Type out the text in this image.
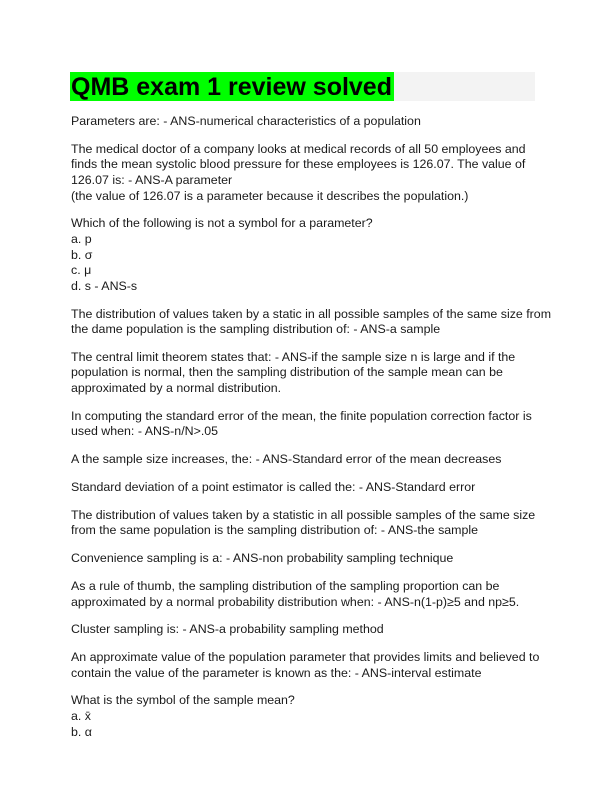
QMB exam 1 review solved
Parameters are: - ANS-numerical characteristics of a population
The medical doctor of a company looks at medical records of all 50 employees and
finds the mean systolic blood pressure for these employees is 126.07. The value of
126.07 is: - ANS-A parameter
(the value of 126.07 is a parameter because it describes the population.)
Which of the following is not a symbol for a parameter?
a. p
b. σ
c. μ
d. s - ANS-s
The distribution of values taken by a static in all possible samples of the same size from
the dame population is the sampling distribution of: - ANS-a sample
The central limit theorem states that: - ANS-if the sample size n is large and if the
population is normal, then the sampling distribution of the sample mean can be
approximated by a normal distribution.
In computing the standard error of the mean, the finite population correction factor is
used when: - ANS-n/N>.05
A the sample size increases, the: - ANS-Standard error of the mean decreases
Standard deviation of a point estimator is called the: - ANS-Standard error
The distribution of values taken by a statistic in all possible samples of the same size
from the same population is the sampling distribution of: - ANS-the sample
Convenience sampling is a: - ANS-non probability sampling technique
As a rule of thumb, the sampling distribution of the sampling proportion can be
approximated by a normal probability distribution when: - ANS-n(1-p)≥5 and np≥5.
Cluster sampling is: - ANS-a probability sampling method
An approximate value of the population parameter that provides limits and believed to
contain the value of the parameter is known as the: - ANS-interval estimate
What is the symbol of the sample mean?
a. x̄
b. α
